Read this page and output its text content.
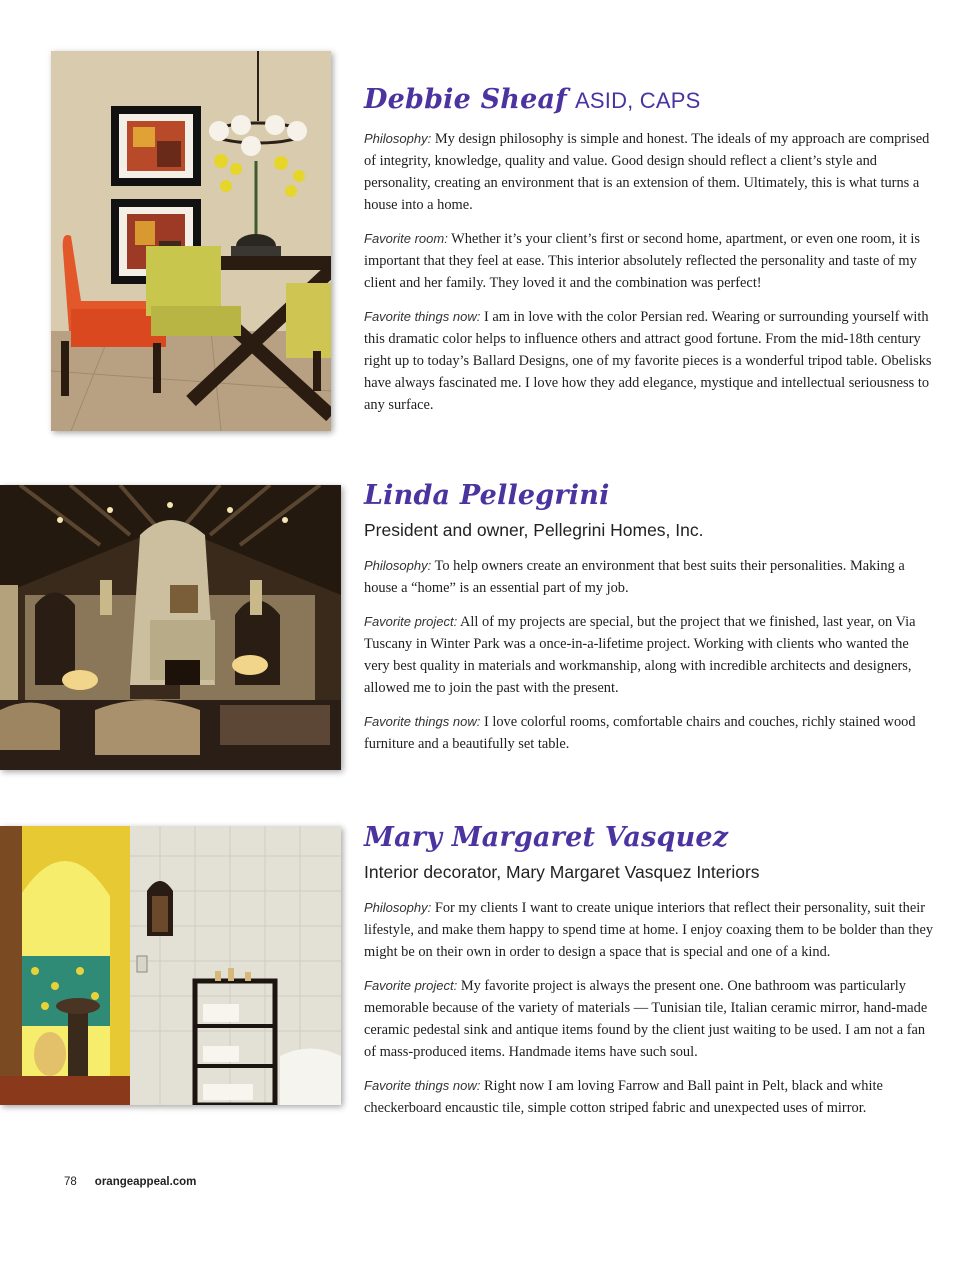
Debbie Sheaf ASID, CAPS

Philosophy: My design philosophy is simple and honest. The ideals of my approach are comprised of integrity, knowledge, quality and value. Good design should reflect a client’s style and personality, creating an environment that is an extension of them. Ultimately, this is what turns a house into a home.

Favorite room: Whether it’s your client’s first or second home, apartment, or even one room, it is important that they feel at ease. This interior absolutely reflected the personality and taste of my client and her family. They loved it and the combination was perfect!

Favorite things now: I am in love with the color Persian red. Wearing or surrounding yourself with this dramatic color helps to influence others and attract good fortune. From the mid-18th century right up to today’s Ballard Designs, one of my favorite pieces is a wonderful tripod table. Obelisks have always fascinated me. I love how they add elegance, mystique and intellectual seriousness to any surface.

Linda Pellegrini
President and owner, Pellegrini Homes, Inc.

Philosophy: To help owners create an environment that best suits their personalities. Making a house a “home” is an essential part of my job.

Favorite project: All of my projects are special, but the project that we finished, last year, on Via Tuscany in Winter Park was a once-in-a-lifetime project. Working with clients who wanted the very best quality in materials and workmanship, along with incredible architects and designers, allowed me to join the past with the present.

Favorite things now: I love colorful rooms, comfortable chairs and couches, richly stained wood furniture and a beautifully set table.

Mary Margaret Vasquez
Interior decorator, Mary Margaret Vasquez Interiors

Philosophy: For my clients I want to create unique interiors that reflect their personality, suit their lifestyle, and make them happy to spend time at home. I enjoy coaxing them to be bolder than they might be on their own in order to design a space that is special and one of a kind.

Favorite project: My favorite project is always the present one. One bathroom was particularly memorable because of the variety of materials — Tunisian tile, Italian ceramic mirror, hand-made ceramic pedestal sink and antique items found by the client just waiting to be used. I am not a fan of mass-produced items. Handmade items have such soul.

Favorite things now: Right now I am loving Farrow and Ball paint in Pelt, black and white checkerboard encaustic tile, simple cotton striped fabric and unexpected uses of mirror.

78 orangeappeal.com
